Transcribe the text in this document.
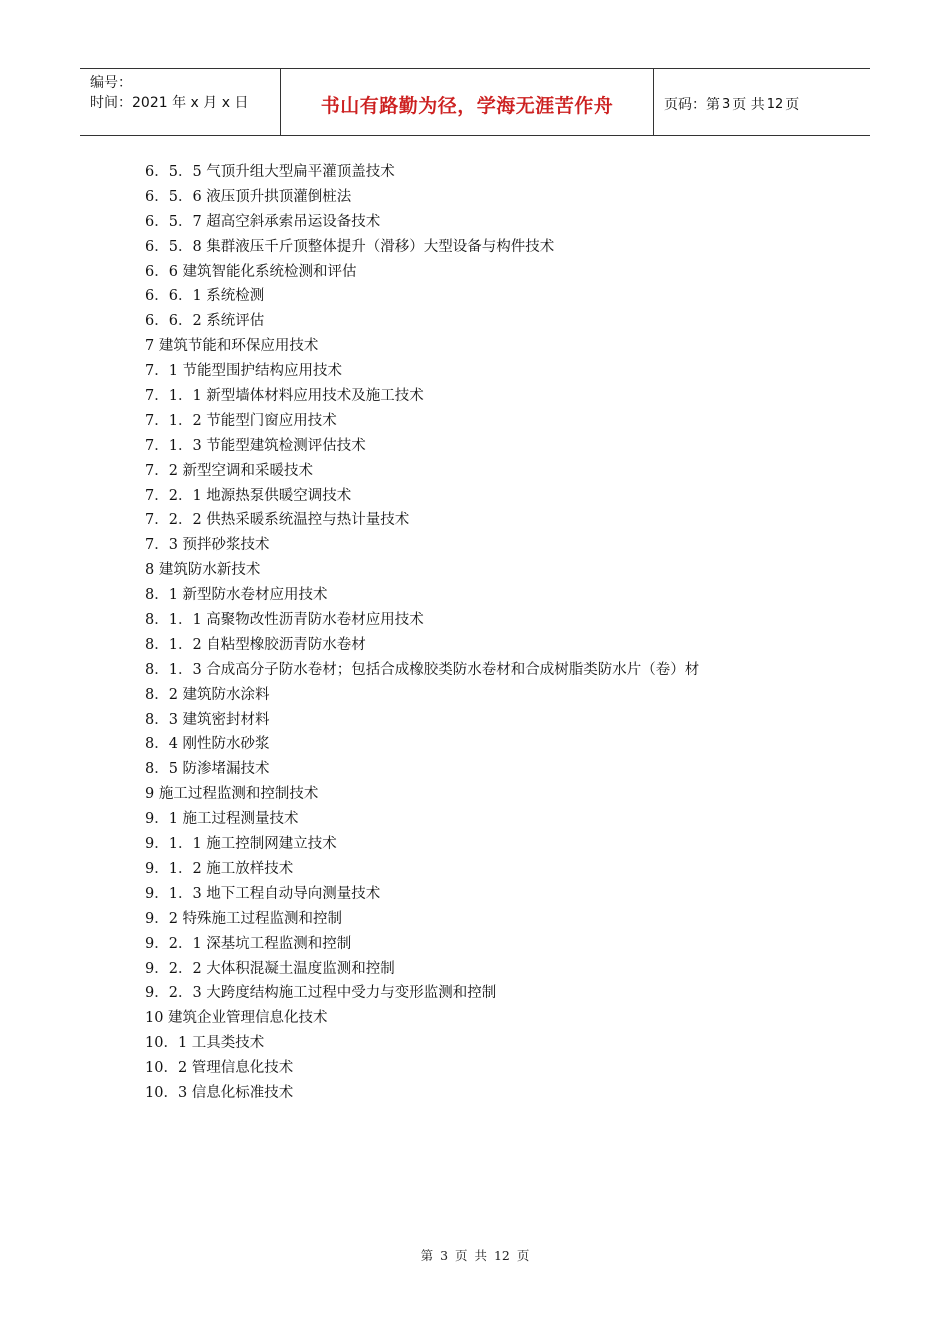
编号：
时间：2021 年 x 月 x 日	书山有路勤为径，学海无涯苦作舟	页码：第 3 页 共 12 页
6．5．5 气顶升组大型扁平灌顶盖技术
6．5．6 液压顶升拱顶灌倒桩法
6．5．7 超高空斜承索吊运设备技术
6．5．8 集群液压千斤顶整体提升（滑移）大型设备与构件技术
6．6 建筑智能化系统检测和评估
6．6．1 系统检测
6．6．2 系统评估
7 建筑节能和环保应用技术
7．1 节能型围护结构应用技术
7．1．1 新型墙体材料应用技术及施工技术
7．1．2 节能型门窗应用技术
7．1．3 节能型建筑检测评估技术
7．2 新型空调和采暖技术
7．2．1 地源热泵供暖空调技术
7．2．2 供热采暖系统温控与热计量技术
7．3 预拌砂浆技术
8 建筑防水新技术
8．1 新型防水卷材应用技术
8．1．1 高聚物改性沥青防水卷材应用技术
8．1．2 自粘型橡胶沥青防水卷材
8．1．3 合成高分子防水卷材；包括合成橡胶类防水卷材和合成树脂类防水片（卷）材
8．2 建筑防水涂料
8．3 建筑密封材料
8．4 刚性防水砂浆
8．5 防渗堵漏技术
9 施工过程监测和控制技术
9．1 施工过程测量技术
9．1．1 施工控制网建立技术
9．1．2 施工放样技术
9．1．3 地下工程自动导向测量技术
9．2 特殊施工过程监测和控制
9．2．1 深基坑工程监测和控制
9．2．2 大体积混凝土温度监测和控制
9．2．3 大跨度结构施工过程中受力与变形监测和控制
10 建筑企业管理信息化技术
10．1 工具类技术
10．2 管理信息化技术
10．3 信息化标准技术
第 3 页 共 12 页
